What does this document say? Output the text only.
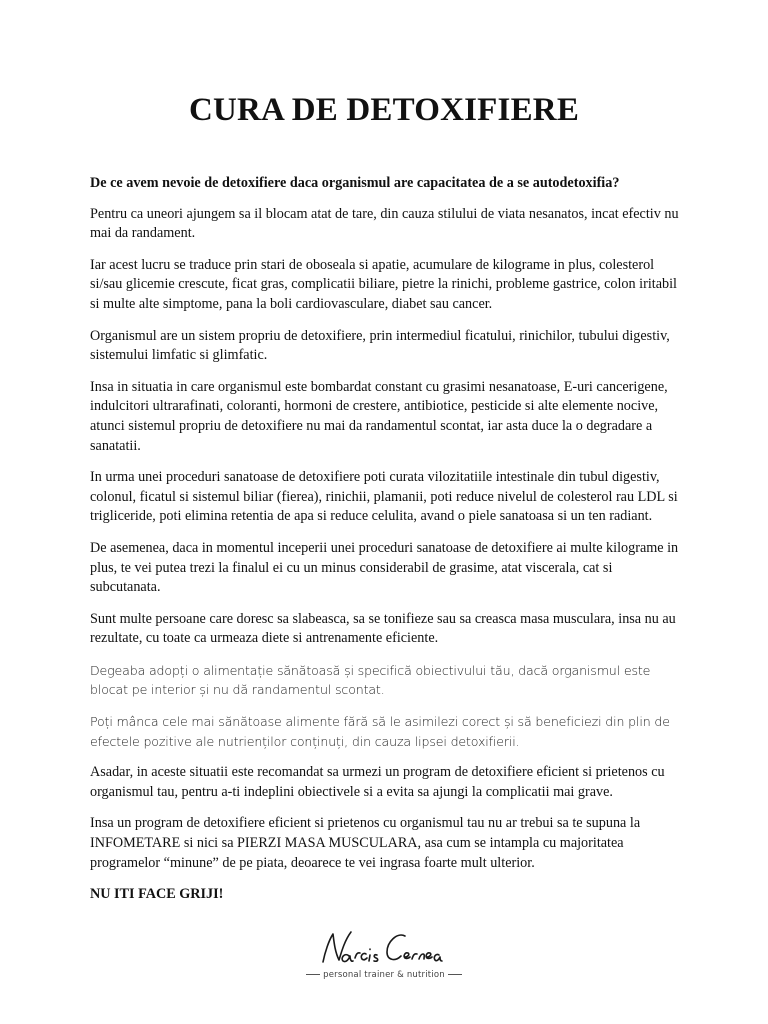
CURA DE DETOXIFIERE

De ce avem nevoie de detoxifiere daca organismul are capacitatea de a se autodetoxifia?

Pentru ca uneori ajungem sa il blocam atat de tare, din cauza stilului de viata nesanatos, incat efectiv nu mai da randament.

Iar acest lucru se traduce prin stari de oboseala si apatie, acumulare de kilograme in plus, colesterol si/sau glicemie crescute, ficat gras, complicatii biliare, pietre la rinichi, probleme gastrice, colon iritabil si multe alte simptome, pana la boli cardiovasculare, diabet sau cancer.

Organismul are un sistem propriu de detoxifiere, prin intermediul ficatului, rinichilor, tubului digestiv, sistemului limfatic si glimfatic.

Insa in situatia in care organismul este bombardat constant cu grasimi nesanatoase, E-uri cancerigene, indulcitori ultrarafinati, coloranti, hormoni de crestere, antibiotice, pesticide si alte elemente nocive, atunci sistemul propriu de detoxifiere nu mai da randamentul scontat, iar asta duce la o degradare a sanatatii.

In urma unei proceduri sanatoase de detoxifiere poti curata vilozitatiile intestinale din tubul digestiv, colonul, ficatul si sistemul biliar (fierea), rinichii, plamanii, poti reduce nivelul de colesterol rau LDL si trigliceride, poti elimina retentia de apa si reduce celulita, avand o piele sanatoasa si un ten radiant.

De asemenea, daca in momentul inceperii unei proceduri sanatoase de detoxifiere ai multe kilograme in plus, te vei putea trezi la finalul ei cu un minus considerabil de grasime, atat viscerala, cat si subcutanata.

Sunt multe persoane care doresc sa slabeasca, sa se tonifieze sau sa creasca masa musculara, insa nu au rezultate, cu toate ca urmeaza diete si antrenamente eficiente.

Degeaba adopți o alimentație sănătoasă și specifică obiectivului tău, dacă organismul este blocat pe interior și nu dă randamentul scontat.

Poți mânca cele mai sănătoase alimente fără să le asimilezi corect și să beneficiezi din plin de efectele pozitive ale nutrienților conținuți, din cauza lipsei detoxifierii.

Asadar, in aceste situatii este recomandat sa urmezi un program de detoxifiere eficient si prietenos cu organismul tau, pentru a-ti indeplini obiectivele si a evita sa ajungi la complicatii mai grave.

Insa un program de detoxifiere eficient si prietenos cu organismul tau nu ar trebui sa te supuna la INFOMETARE si nici sa PIERZI MASA MUSCULARA, asa cum se intampla cu majoritatea programelor “minune” de pe piata, deoarece te vei ingrasa foarte mult ulterior.

NU ITI FACE GRIJI!

personal trainer & nutrition
